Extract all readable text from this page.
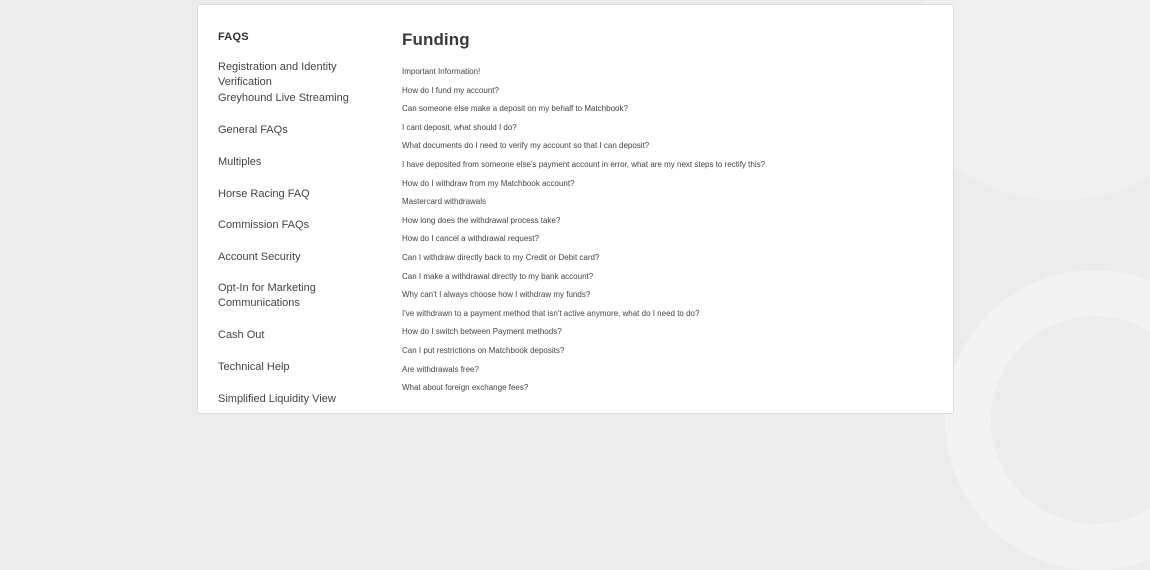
FAQS
Registration and Identity Verification
Greyhound Live Streaming
General FAQs
Multiples
Horse Racing FAQ
Commission FAQs
Account Security
Opt-In for Marketing Communications
Cash Out
Technical Help
Simplified Liquidity View
Funding
Important Information!
How do I fund my account?
Can someone else make a deposit on my behalf to Matchbook?
I cant deposit, what should I do?
What documents do I need to verify my account so that I can deposit?
I have deposited from someone else's payment account in error, what are my next steps to rectify this?
How do I withdraw from my Matchbook account?
Mastercard withdrawals
How long does the withdrawal process take?
How do I cancel a withdrawal request?
Can I withdraw directly back to my Credit or Debit card?
Can I make a withdrawal directly to my bank account?
Why can't I always choose how I withdraw my funds?
I've withdrawn to a payment method that isn't active anymore, what do I need to do?
How do I switch between Payment methods?
Can I put restrictions on Matchbook deposits?
Are withdrawals free?
What about foreign exchange fees?
